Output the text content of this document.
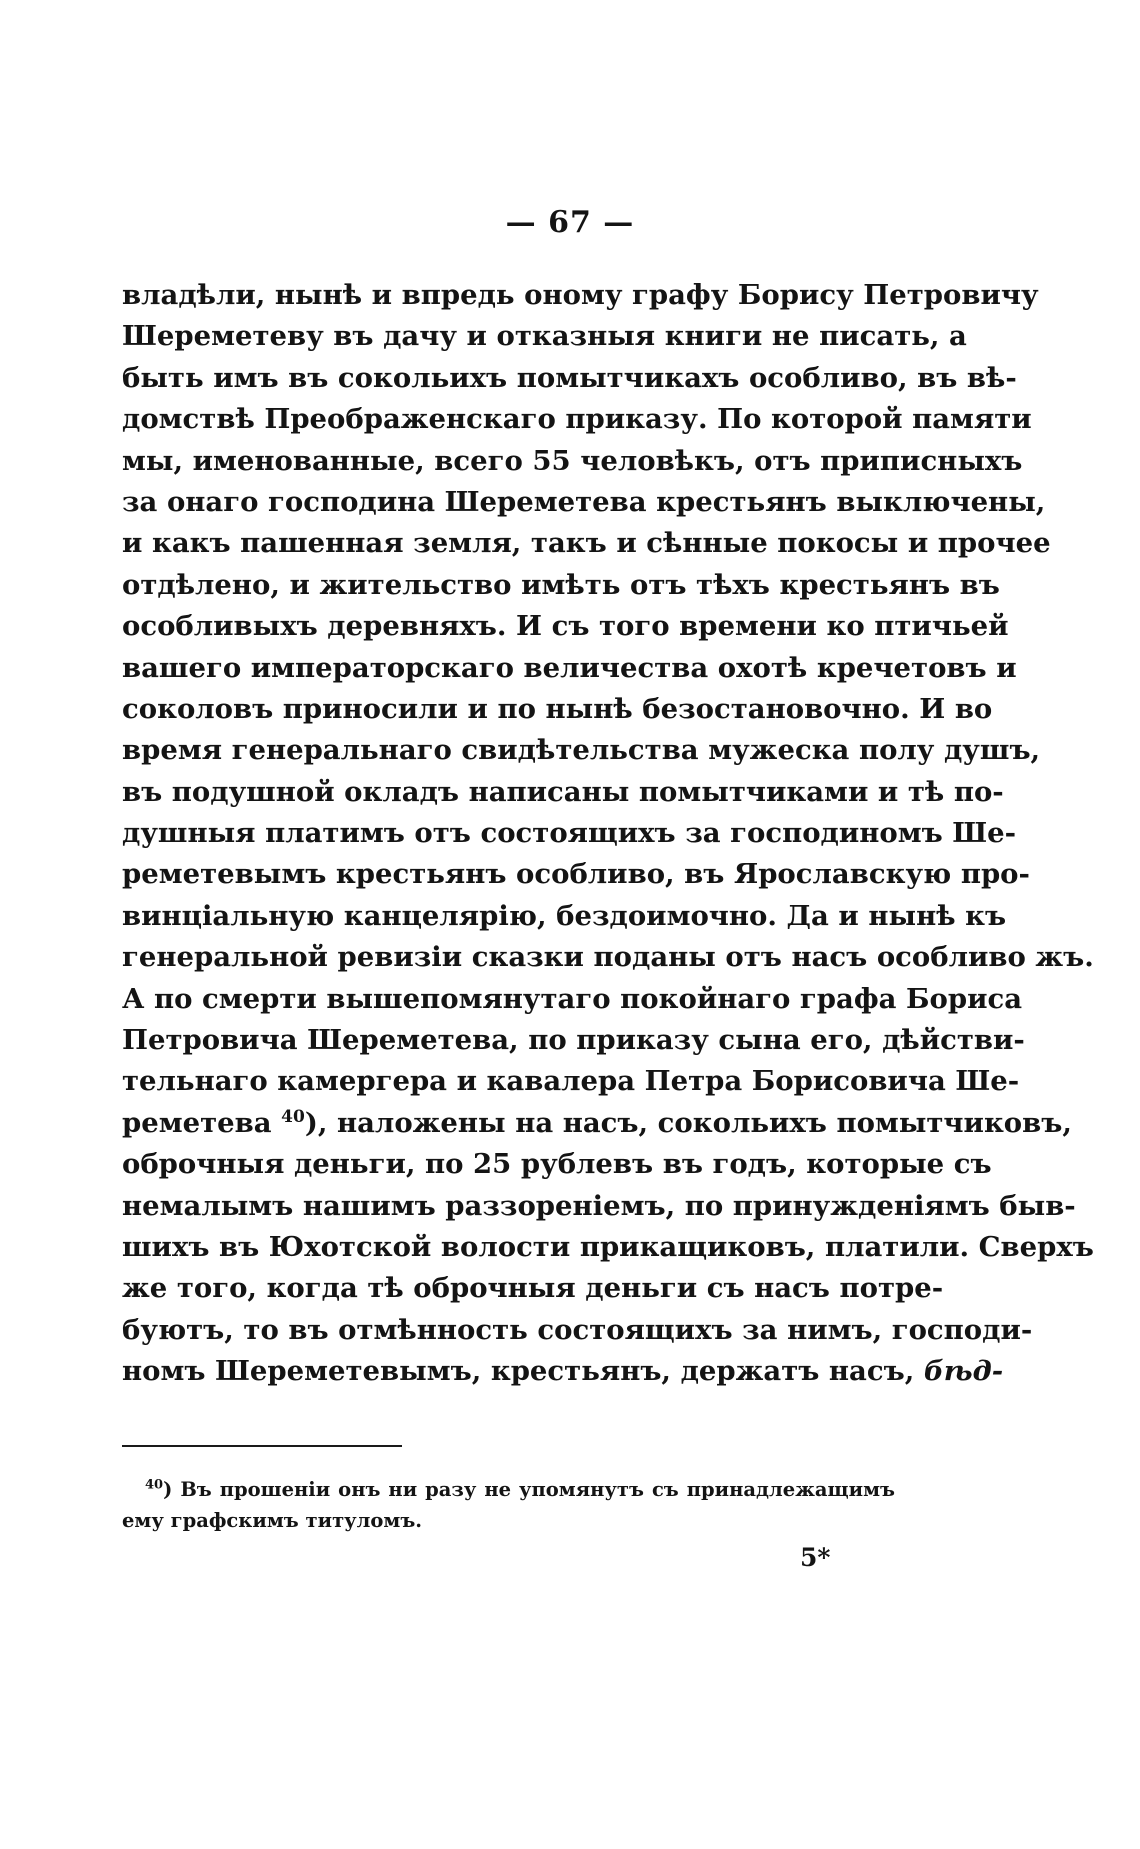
— 67 —
владѣли, нынѣ и впредь оному графу Борису Петровичу
Шереметеву въ дачу и отказныя книги не писать, а
быть имъ въ сокольихъ помытчикахъ особливо, въ вѣ-
домствѣ Преображенскаго приказу. По которой памяти
мы, именованные, всего 55 человѣкъ, отъ приписныхъ
за онаго господина Шереметева крестьянъ выключены,
и какъ пашенная земля, такъ и сѣнные покосы и прочее
отдѣлено, и жительство имѣть отъ тѣхъ крестьянъ въ
особливыхъ деревняхъ. И съ того времени ко птичьей
вашего императорскаго величества охотѣ кречетовъ и
соколовъ приносили и по нынѣ безостановочно. И во
время генеральнаго свидѣтельства мужеска полу душъ,
въ подушной окладъ написаны помытчиками и тѣ по-
душныя платимъ отъ состоящихъ за господиномъ Ше-
реметевымъ крестьянъ особливо, въ Ярославскую про-
винціальную канцелярію, бездоимочно. Да и нынѣ къ
генеральной ревизіи сказки поданы отъ насъ особливо жъ.
А по смерти вышепомянутаго покойнаго графа Бориса
Петровича Шереметева, по приказу сына его, дѣйстви-
тельнаго камергера и кавалера Петра Борисовича Ше-
реметева $^{40}$), наложены на насъ, сокольихъ помытчиковъ,
оброчныя деньги, по 25 рублевъ въ годъ, которые съ
немалымъ нашимъ раззореніемъ, по принужденіямъ быв-
шихъ въ Юхотской волости прикащиковъ, платили. Сверхъ
же того, когда тѣ оброчныя деньги съ насъ потре-
буютъ, то въ отмѣнность состоящихъ за нимъ, господи-
номъ Шереметевымъ, крестьянъ, держатъ насъ, бѣд-
$^{40}$) Въ прошеніи онъ ни разу не упомянутъ съ принадлежащимъ
ему графскимъ титуломъ.
5*
